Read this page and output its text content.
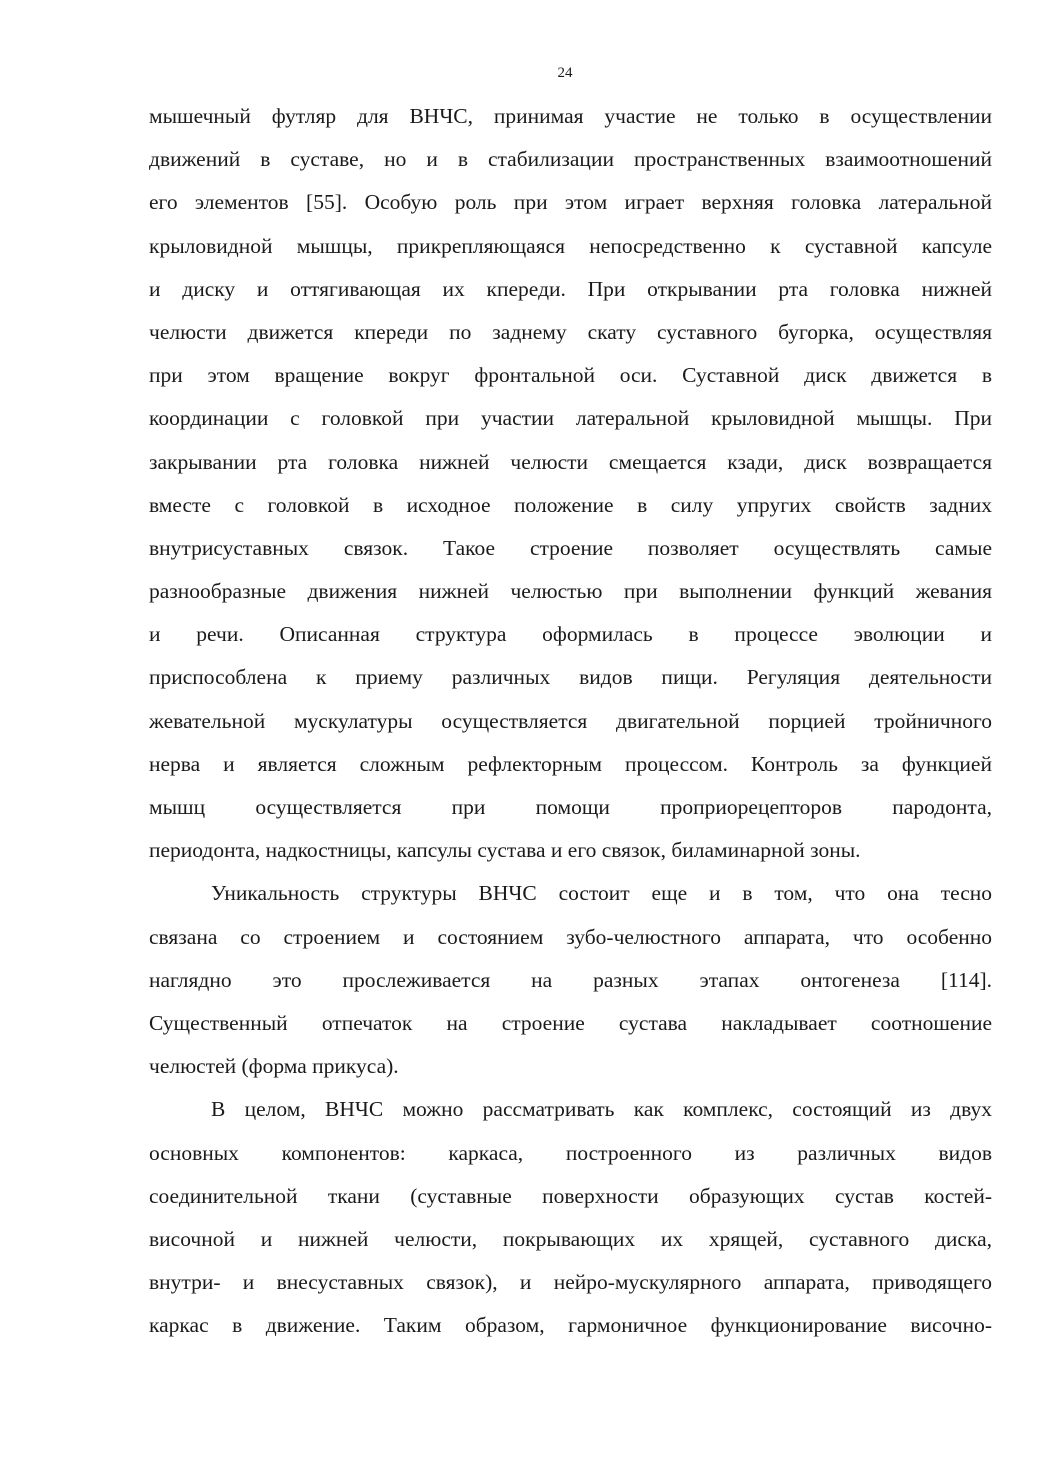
24
мышечный футляр для ВНЧС, принимая участие не только в осуществлении
движений в суставе, но и в стабилизации пространственных взаимоотношений
его элементов [55]. Особую роль при этом играет верхняя головка латеральной
крыловидной мышцы, прикрепляющаяся непосредственно к суставной капсуле
и диску и оттягивающая их кпереди. При открывании рта головка нижней
челюсти движется кпереди по заднему скату суставного бугорка, осуществляя
при этом вращение вокруг фронтальной оси. Суставной диск движется в
координации с головкой при участии латеральной крыловидной мышцы. При
закрывании рта головка нижней челюсти смещается кзади, диск возвращается
вместе с головкой в исходное положение в силу упругих свойств задних
внутрисуставных связок. Такое строение позволяет осуществлять самые
разнообразные движения нижней челюстью при выполнении функций жевания
и речи. Описанная структура оформилась в процессе эволюции и
приспособлена к приему различных видов пищи. Регуляция деятельности
жевательной мускулатуры осуществляется двигательной порцией тройничного
нерва и является сложным рефлекторным процессом. Контроль за функцией
мышц осуществляется при помощи проприорецепторов пародонта,
периодонта, надкостницы, капсулы сустава и его связок, биламинарной зоны.
Уникальность структуры ВНЧС состоит еще и в том, что она тесно
связана со строением и состоянием зубо-челюстного аппарата, что особенно
наглядно это прослеживается на разных этапах онтогенеза [114].
Существенный отпечаток на строение сустава накладывает соотношение
челюстей (форма прикуса).
В целом, ВНЧС можно рассматривать как комплекс, состоящий из двух
основных компонентов: каркаса, построенного из различных видов
соединительной ткани (суставные поверхности образующих сустав костей-
височной и нижней челюсти, покрывающих их хрящей, суставного диска,
внутри- и внесуставных связок), и нейро-мускулярного аппарата, приводящего
каркас в движение. Таким образом, гармоничное функционирование височно-
